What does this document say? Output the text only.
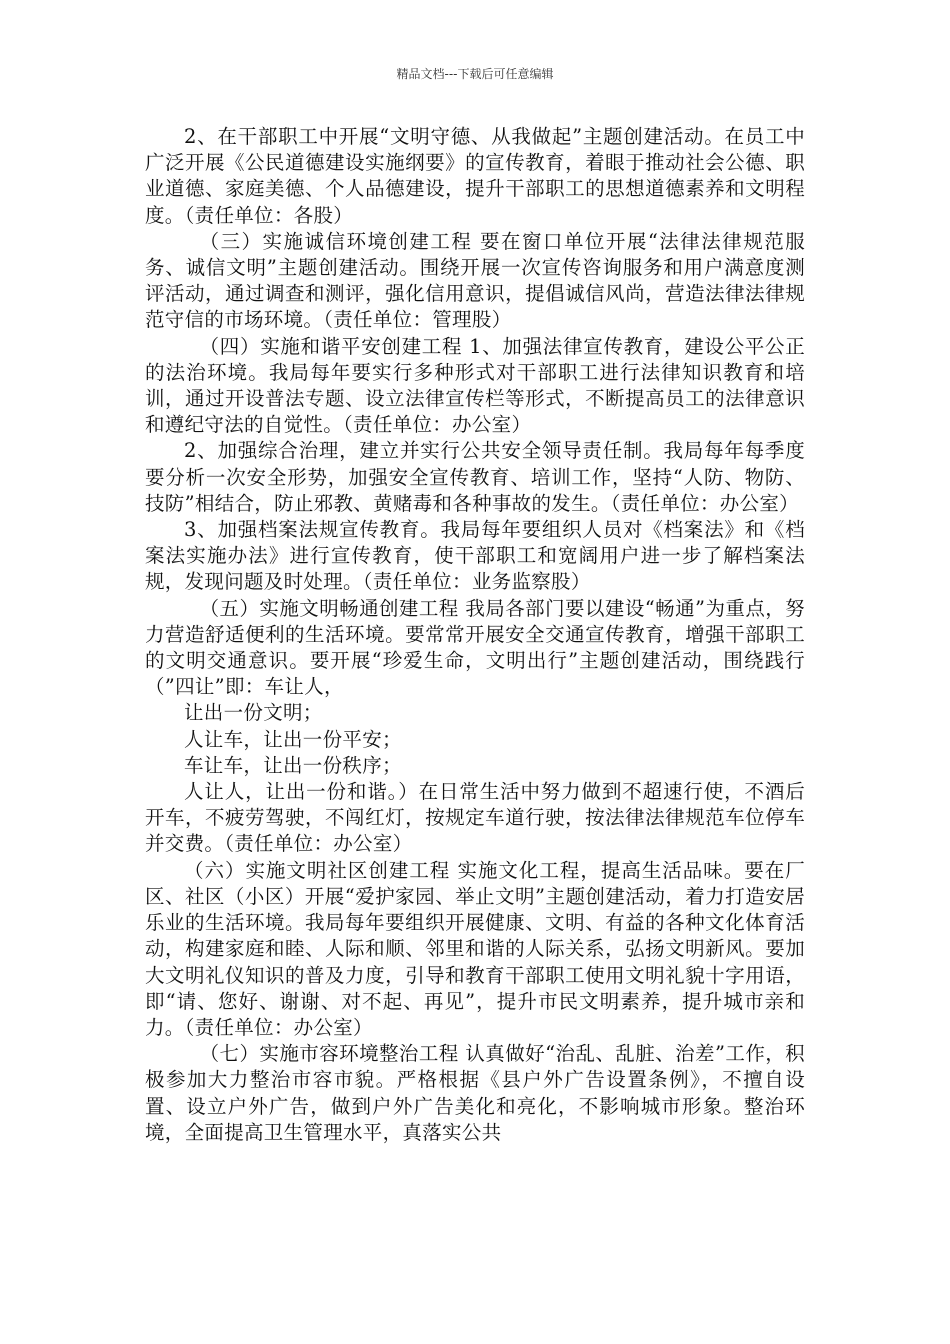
精品文档---下载后可任意编辑

2、在干部职工中开展“文明守德、从我做起”主题创建活动。在员工中广泛开展《公民道德建设实施纲要》的宣传教育，着眼于推动社会公德、职业道德、家庭美德、个人品德建设，提升干部职工的思想道德素养和文明程度。（责任单位：各股）

（三）实施诚信环境创建工程 要在窗口单位开展“法律法律规范服务、诚信文明”主题创建活动。围绕开展一次宣传咨询服务和用户满意度测评活动，通过调查和测评，强化信用意识，提倡诚信风尚，营造法律法律规范守信的市场环境。（责任单位：管理股）

（四）实施和谐平安创建工程 1、加强法律宣传教育，建设公平公正的法治环境。我局每年要实行多种形式对干部职工进行法律知识教育和培训，通过开设普法专题、设立法律宣传栏等形式，不断提高员工的法律意识和遵纪守法的自觉性。（责任单位：办公室）

2、加强综合治理，建立并实行公共安全领导责任制。我局每年每季度要分析一次安全形势，加强安全宣传教育、培训工作，坚持“人防、物防、技防”相结合，防止邪教、黄赌毒和各种事故的发生。（责任单位：办公室）

3、加强档案法规宣传教育。我局每年要组织人员对《档案法》和《档案法实施办法》进行宣传教育，使干部职工和宽阔用户进一步了解档案法规，发现问题及时处理。（责任单位：业务监察股）

（五）实施文明畅通创建工程 我局各部门要以建设“畅通”为重点，努力营造舒适便利的生活环境。要常常开展安全交通宣传教育，增强干部职工的文明交通意识。要开展“珍爱生命，文明出行”主题创建活动，围绕践行（”四让”即：车让人，

让出一份文明；

人让车，让出一份平安；

车让车，让出一份秩序；

人让人，让出一份和谐。）在日常生活中努力做到不超速行使，不酒后开车，不疲劳驾驶，不闯红灯，按规定车道行驶，按法律法律规范车位停车并交费。（责任单位：办公室）

（六）实施文明社区创建工程 实施文化工程，提高生活品味。要在厂区、社区（小区）开展“爱护家园、举止文明”主题创建活动，着力打造安居乐业的生活环境。我局每年要组织开展健康、文明、有益的各种文化体育活动，构建家庭和睦、人际和顺、邻里和谐的人际关系，弘扬文明新风。要加大文明礼仪知识的普及力度，引导和教育干部职工使用文明礼貌十字用语，即“请、您好、谢谢、对不起、再见”，提升市民文明素养，提升城市亲和力。（责任单位：办公室）

（七）实施市容环境整治工程 认真做好“治乱、乱脏、治差”工作，积极参加大力整治市容市貌。严格根据《县户外广告设置条例》，不擅自设置、设立户外广告，做到户外广告美化和亮化，不影响城市形象。整治环境，全面提高卫生管理水平，真落实公共
